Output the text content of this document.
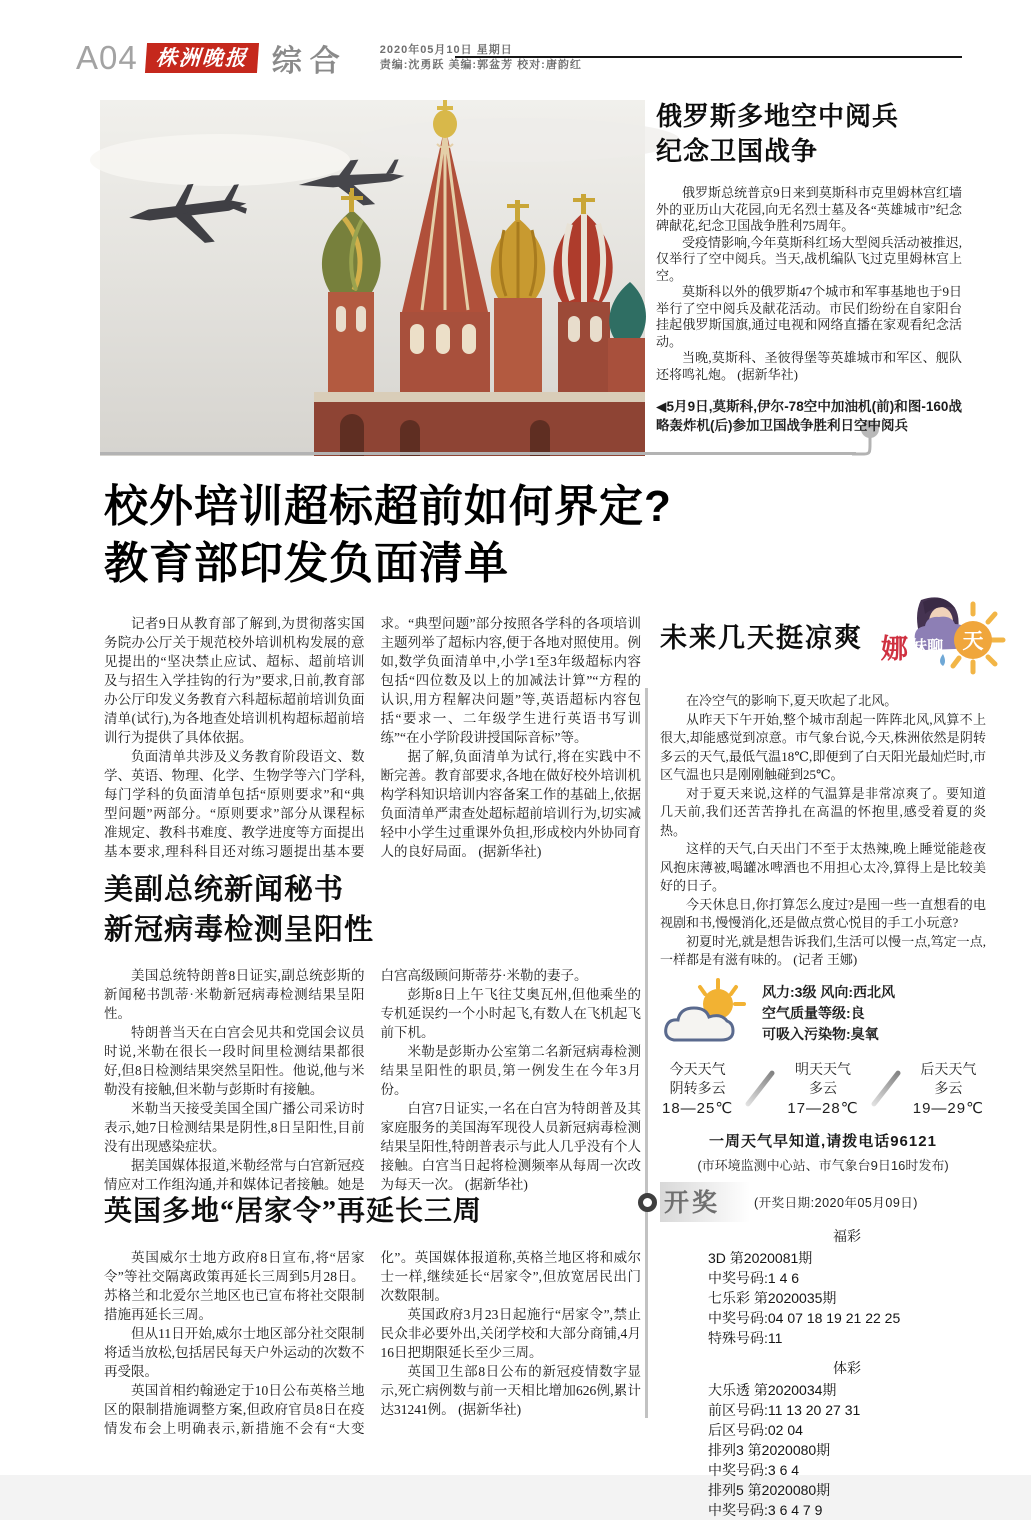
A04 株洲晚报 综合	2020年05月10日 星期日
责编:沈勇跃 美编:郭盆芳 校对:唐韵红
俄罗斯多地空中阅兵
纪念卫国战争

俄罗斯总统普京9日来到莫斯科市克里姆林宫红墙外的亚历山大花园,向无名烈士墓及各“英雄城市”纪念碑献花,纪念卫国战争胜利75周年。

受疫情影响,今年莫斯科红场大型阅兵活动被推迟,仅举行了空中阅兵。当天,战机编队飞过克里姆林宫上空。

莫斯科以外的俄罗斯47个城市和军事基地也于9日举行了空中阅兵及献花活动。市民们纷纷在自家阳台挂起俄罗斯国旗,通过电视和网络直播在家观看纪念活动。

当晚,莫斯科、圣彼得堡等英雄城市和军区、舰队还将鸣礼炮。 (据新华社)

◀5月9日,莫斯科,伊尔-78空中加油机(前)和图-160战略轰炸机(后)参加卫国战争胜利日空中阅兵

校外培训超标超前如何界定?
教育部印发负面清单

记者9日从教育部了解到,为贯彻落实国务院办公厅关于规范校外培训机构发展的意见提出的“坚决禁止应试、超标、超前培训及与招生入学挂钩的行为”要求,日前,教育部办公厅印发义务教育六科超标超前培训负面清单(试行),为各地查处培训机构超标超前培训行为提供了具体依据。

负面清单共涉及义务教育阶段语文、数学、英语、物理、化学、生物学等六门学科,每门学科的负面清单包括“原则要求”和“典型问题”两部分。“原则要求”部分从课程标准规定、教科书难度、教学进度等方面提出基本要求,理科科目还对练习题提出基本要求。“典型问题”部分按照各学科的各项培训主题列举了超标内容,便于各地对照使用。例如,数学负面清单中,小学1至3年级超标内容包括“四位数及以上的加减法计算”“方程的认识,用方程解决问题”等,英语超标内容包括“要求一、二年级学生进行英语书写训练”“在小学阶段讲授国际音标”等。

据了解,负面清单为试行,将在实践中不断完善。教育部要求,各地在做好校外培训机构学科知识培训内容备案工作的基础上,依据负面清单严肃查处超标超前培训行为,切实减轻中小学生过重课外负担,形成校内外协同育人的良好局面。 (据新华社)

美副总统新闻秘书
新冠病毒检测呈阳性

美国总统特朗普8日证实,副总统彭斯的新闻秘书凯蒂·米勒新冠病毒检测结果呈阳性。

特朗普当天在白宫会见共和党国会议员时说,米勒在很长一段时间里检测结果都很好,但8日检测结果突然呈阳性。他说,他与米勒没有接触,但米勒与彭斯时有接触。

米勒当天接受美国全国广播公司采访时表示,她7日检测结果是阴性,8日呈阳性,目前没有出现感染症状。

据美国媒体报道,米勒经常与白宫新冠疫情应对工作组沟通,并和媒体记者接触。她是白宫高级顾问斯蒂芬·米勒的妻子。

彭斯8日上午飞往艾奥瓦州,但他乘坐的专机延误约一个小时起飞,有数人在飞机起飞前下机。

米勒是彭斯办公室第二名新冠病毒检测结果呈阳性的职员,第一例发生在今年3月份。

白宫7日证实,一名在白宫为特朗普及其家庭服务的美国海军现役人员新冠病毒检测结果呈阳性,特朗普表示与此人几乎没有个人接触。白宫当日起将检测频率从每周一次改为每天一次。 (据新华社)

英国多地“居家令”再延长三周

英国威尔士地方政府8日宣布,将“居家令”等社交隔离政策再延长三周到5月28日。苏格兰和北爱尔兰地区也已宣布将社交限制措施再延长三周。

但从11日开始,威尔士地区部分社交限制将适当放松,包括居民每天户外运动的次数不再受限。

英国首相约翰逊定于10日公布英格兰地区的限制措施调整方案,但政府官员8日在疫情发布会上明确表示,新措施不会有“大变化”。英国媒体报道称,英格兰地区将和威尔士一样,继续延长“居家令”,但放宽居民出门次数限制。

英国政府3月23日起施行“居家令”,禁止民众非必要外出,关闭学校和大部分商铺,4月16日把期限延长至少三周。

英国卫生部8日公布的新冠疫情数字显示,死亡病例数与前一天相比增加626例,累计达31241例。 (据新华社)

未来几天挺凉爽	天
娜 妹聊

在冷空气的影响下,夏天吹起了北风。

从昨天下午开始,整个城市刮起一阵阵北风,风算不上很大,却能感觉到凉意。市气象台说,今天,株洲依然是阴转多云的天气,最低气温18℃,即便到了白天阳光最灿烂时,市区气温也只是刚刚触碰到25℃。

对于夏天来说,这样的气温算是非常凉爽了。要知道几天前,我们还苦苦挣扎在高温的怀抱里,感受着夏的炎热。

这样的天气,白天出门不至于太热辣,晚上睡觉能趁夜风抱床薄被,喝罐冰啤酒也不用担心太冷,算得上是比较美好的日子。

今天休息日,你打算怎么度过?是囤一些一直想看的电视剧和书,慢慢消化,还是做点赏心悦目的手工小玩意?

初夏时光,就是想告诉我们,生活可以慢一点,笃定一点,一样都是有滋有味的。 (记者 王娜)

风力:3级 风向:西北风
空气质量等级:良
可吸入污染物:臭氧
今天天气
阴转多云
18—25℃
明天天气
多云
17—28℃
后天天气
多云
19—29℃
一周天气早知道,请拨电话96121
(市环境监测中心站、市气象台9日16时发布)
开奖	(开奖日期:2020年05月09日)
福彩
3D 第2020081期
中奖号码:1 4 6
七乐彩 第2020035期
中奖号码:04 07 18 19 21 22 25
特殊号码:11
体彩
大乐透 第2020034期
前区号码:11 13 20 27 31
后区号码:02 04
排列3 第2020080期
中奖号码:3 6 4
排列5 第2020080期
中奖号码:3 6 4 7 9
